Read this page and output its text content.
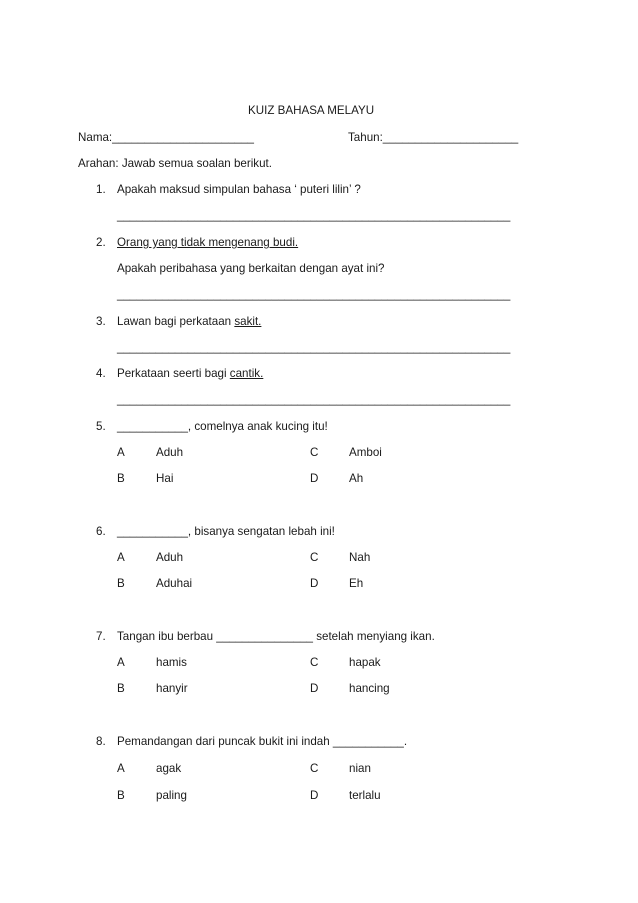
KUIZ BAHASA MELAYU
Nama:______________________	Tahun:_____________________
Arahan: Jawab semua soalan berikut.
1. Apakah maksud simpulan bahasa ‘ puteri lilin’ ?
_____________________________________________________________
2. Orang yang tidak mengenang budi.
Apakah peribahasa yang berkaitan dengan ayat ini?
_____________________________________________________________
3. Lawan bagi perkataan sakit.
_____________________________________________________________
4. Perkataan seerti bagi cantik.
_____________________________________________________________
5. ___________, comelnya anak kucing itu!
A	Aduh	C	Amboi
B	Hai	D	Ah
6. ___________, bisanya sengatan lebah ini!
A	Aduh	C	Nah
B	Aduhai	D	Eh
7. Tangan ibu berbau _______________ setelah menyiang ikan.
A	hamis	C	hapak
B	hanyir	D	hancing
8. Pemandangan dari puncak bukit ini indah ___________.
A	agak	C	nian
B	paling	D	terlalu
